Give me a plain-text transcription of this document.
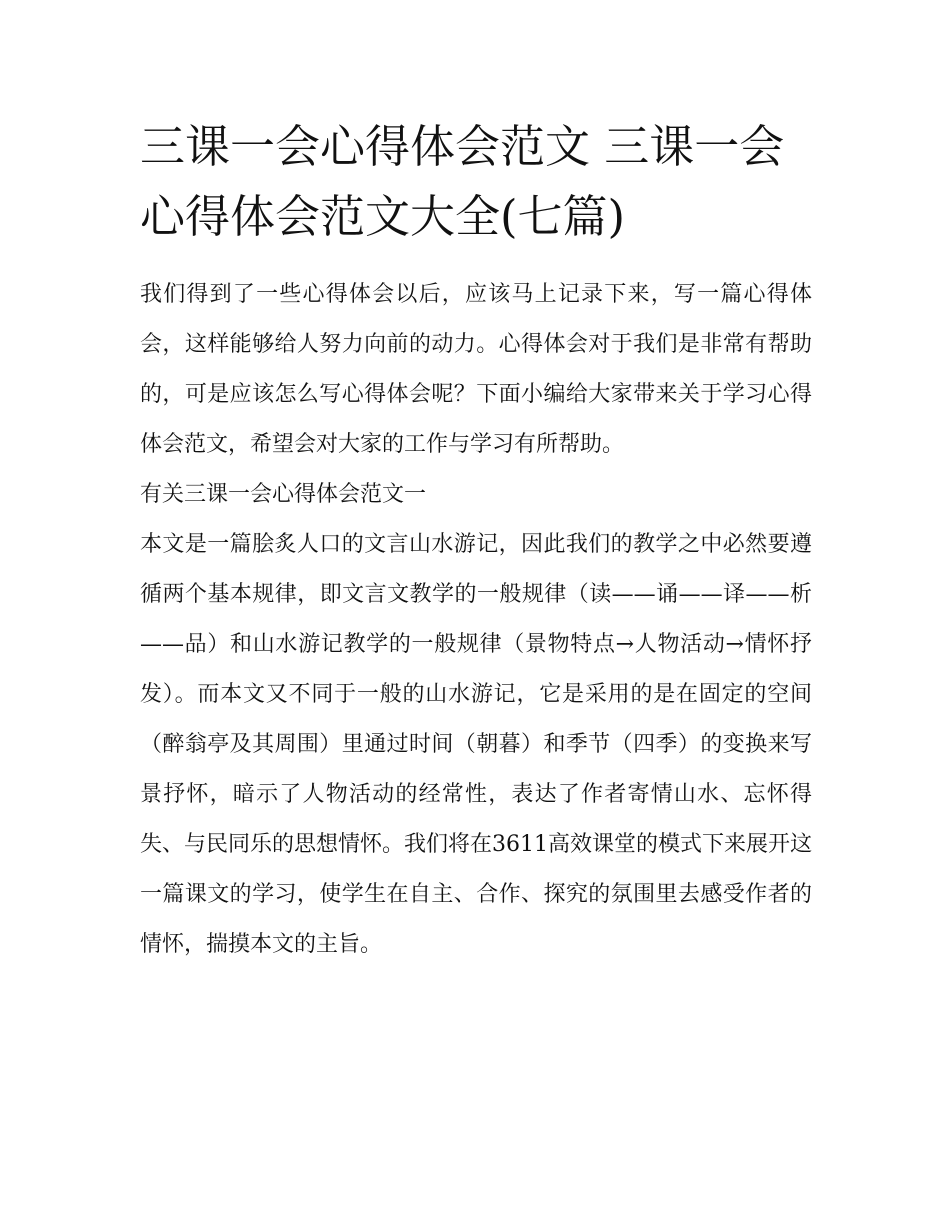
三课一会心得体会范文 三课一会心得体会范文大全(七篇)

我们得到了一些心得体会以后，应该马上记录下来，写一篇心得体会，这样能够给人努力向前的动力。心得体会对于我们是非常有帮助的，可是应该怎么写心得体会呢？下面小编给大家带来关于学习心得体会范文，希望会对大家的工作与学习有所帮助。

有关三课一会心得体会范文一

本文是一篇脍炙人口的文言山水游记，因此我们的教学之中必然要遵循两个基本规律，即文言文教学的一般规律（读——诵——译——析——品）和山水游记教学的一般规律（景物特点→人物活动→情怀抒发）。而本文又不同于一般的山水游记，它是采用的是在固定的空间（醉翁亭及其周围）里通过时间（朝暮）和季节（四季）的变换来写景抒怀，暗示了人物活动的经常性，表达了作者寄情山水、忘怀得失、与民同乐的思想情怀。我们将在3611高效课堂的模式下来展开这一篇课文的学习，使学生在自主、合作、探究的氛围里去感受作者的情怀，揣摸本文的主旨。
